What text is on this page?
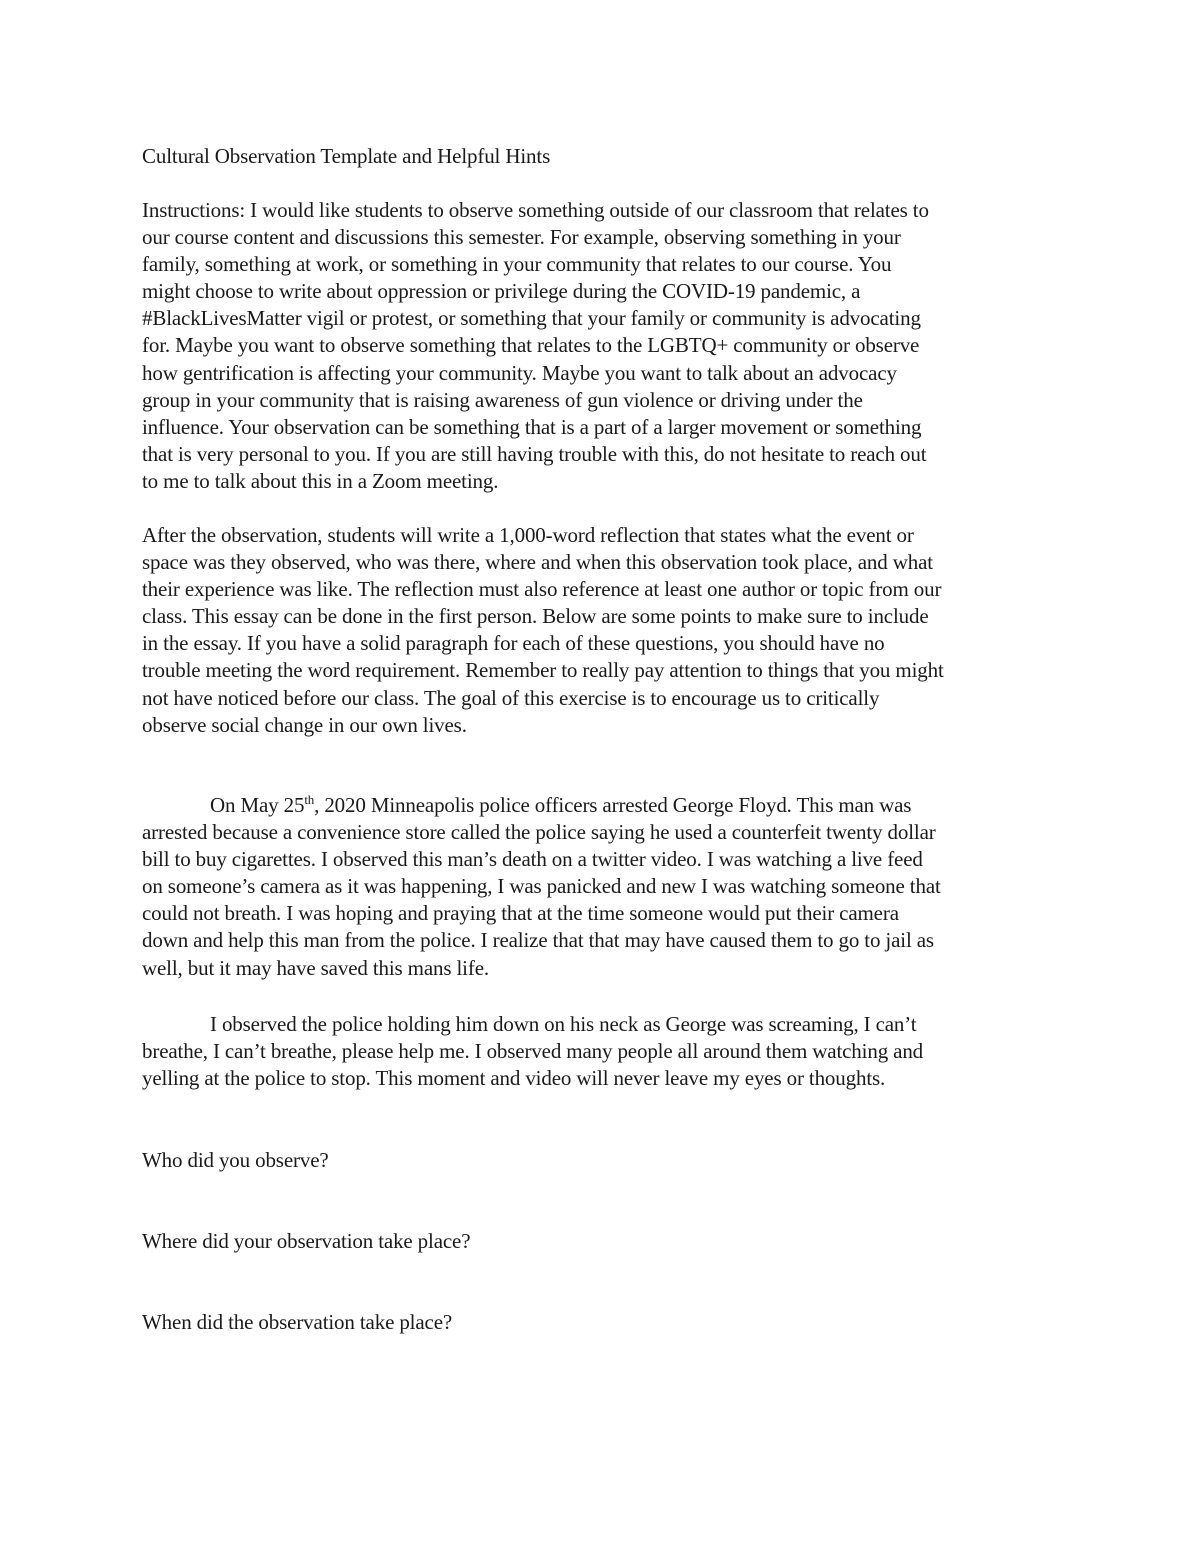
Cultural Observation Template and Helpful Hints

Instructions: I would like students to observe something outside of our classroom that relates to
our course content and discussions this semester. For example, observing something in your
family, something at work, or something in your community that relates to our course. You
might choose to write about oppression or privilege during the COVID-19 pandemic, a
#BlackLivesMatter vigil or protest, or something that your family or community is advocating
for. Maybe you want to observe something that relates to the LGBTQ+ community or observe
how gentrification is affecting your community. Maybe you want to talk about an advocacy
group in your community that is raising awareness of gun violence or driving under the
influence. Your observation can be something that is a part of a larger movement or something
that is very personal to you. If you are still having trouble with this, do not hesitate to reach out
to me to talk about this in a Zoom meeting.

After the observation, students will write a 1,000-word reflection that states what the event or
space was they observed, who was there, where and when this observation took place, and what
their experience was like. The reflection must also reference at least one author or topic from our
class. This essay can be done in the first person. Below are some points to make sure to include
in the essay. If you have a solid paragraph for each of these questions, you should have no
trouble meeting the word requirement. Remember to really pay attention to things that you might
not have noticed before our class. The goal of this exercise is to encourage us to critically
observe social change in our own lives.

On May 25th, 2020 Minneapolis police officers arrested George Floyd. This man was
arrested because a convenience store called the police saying he used a counterfeit twenty dollar
bill to buy cigarettes. I observed this man’s death on a twitter video. I was watching a live feed
on someone’s camera as it was happening, I was panicked and new I was watching someone that
could not breath. I was hoping and praying that at the time someone would put their camera
down and help this man from the police. I realize that that may have caused them to go to jail as
well, but it may have saved this mans life.

I observed the police holding him down on his neck as George was screaming, I can’t
breathe, I can’t breathe, please help me. I observed many people all around them watching and
yelling at the police to stop. This moment and video will never leave my eyes or thoughts.

Who did you observe?

Where did your observation take place?

When did the observation take place?
